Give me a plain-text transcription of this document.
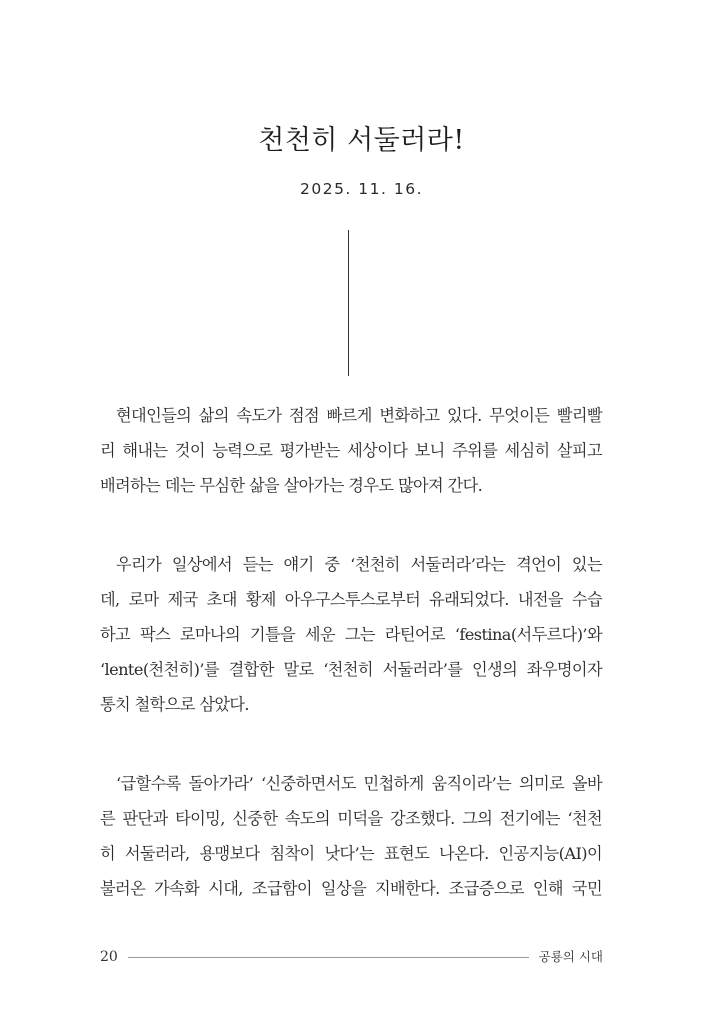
천천히 서둘러라!
2025. 11. 16.
현대인들의 삶의 속도가 점점 빠르게 변화하고 있다. 무엇이든 빨리빨
리 해내는 것이 능력으로 평가받는 세상이다 보니 주위를 세심히 살피고
배려하는 데는 무심한 삶을 살아가는 경우도 많아져 간다.
우리가 일상에서 듣는 얘기 중 ‘천천히 서둘러라’라는 격언이 있는
데, 로마 제국 초대 황제 아우구스투스로부터 유래되었다. 내전을 수습
하고 팍스 로마나의 기틀을 세운 그는 라틴어로 ‘festina(서두르다)’와
‘lente(천천히)’를 결합한 말로 ‘천천히 서둘러라’를 인생의 좌우명이자
통치 철학으로 삼았다.
‘급할수록 돌아가라’ ‘신중하면서도 민첩하게 움직이라’는 의미로 올바
른 판단과 타이밍, 신중한 속도의 미덕을 강조했다. 그의 전기에는 ‘천천
히 서둘러라, 용맹보다 침착이 낫다’는 표현도 나온다. 인공지능(AI)이
불러온 가속화 시대, 조급함이 일상을 지배한다. 조급증으로 인해 국민
20	공룡의 시대
